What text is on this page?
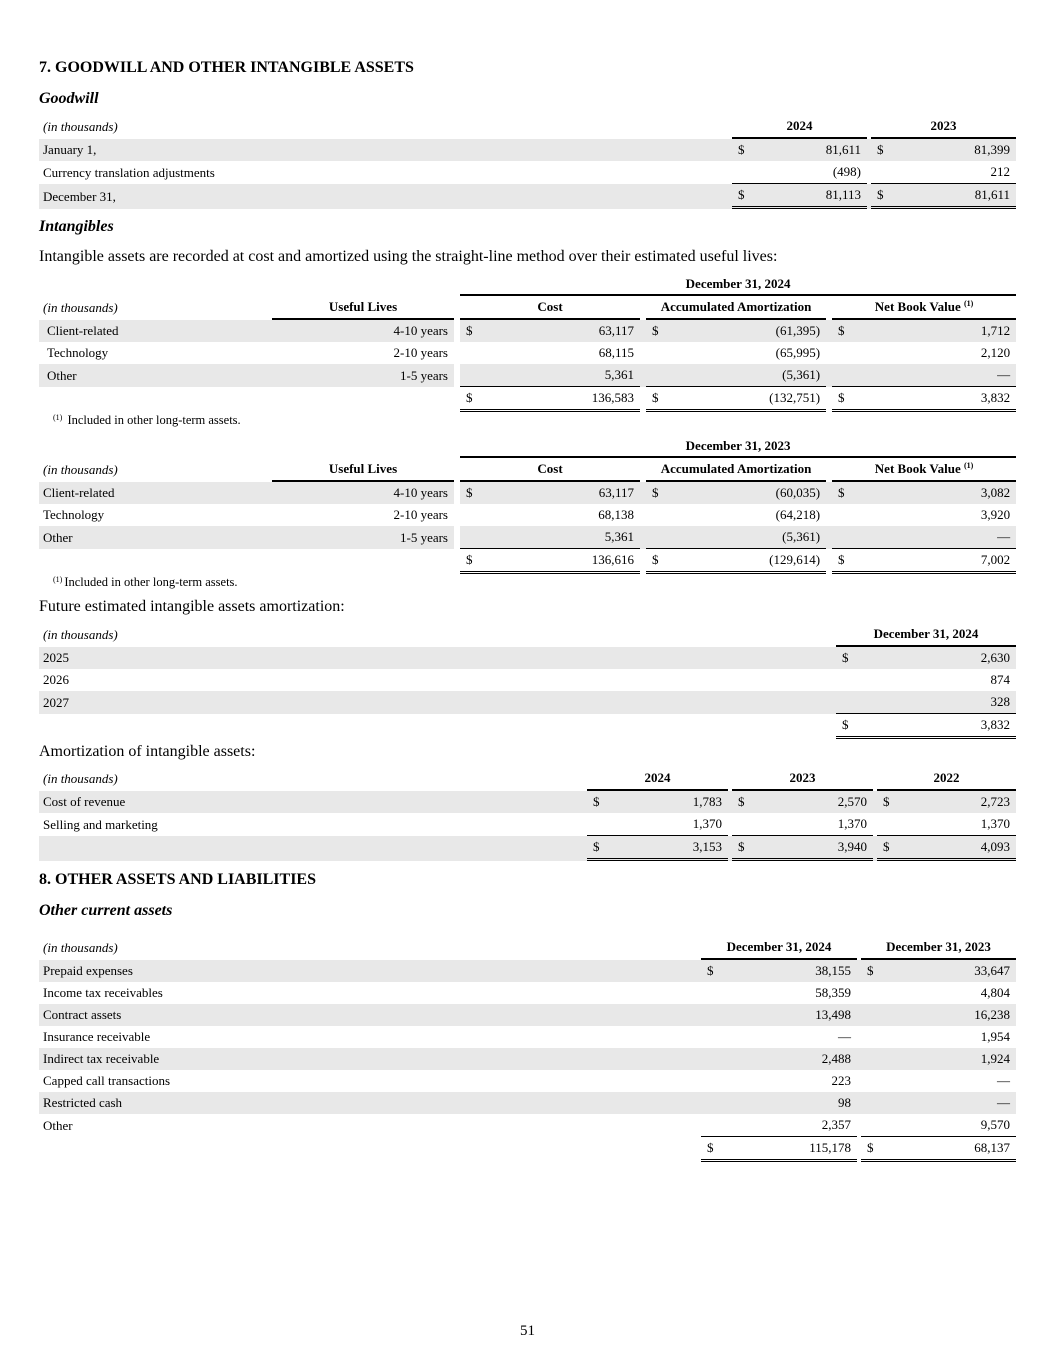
7. GOODWILL AND OTHER INTANGIBLE ASSETS
Goodwill
(in thousands)	2024			2023	
January 1,	$	81,611		$	81,399
Currency translation adjustments		(498)			212
December 31,	$	81,113		$	81,611
Intangibles
Intangible assets are recorded at cost and amortized using the straight-line method over their estimated useful lives:
			December 31, 2024							
(in thousands)	Useful Lives		Cost			Accumulated Amortization			Net Book Value $^{(1)}$
Client-related	4-10 years		$	63,117		$	(61,395)		$	1,712
Technology	2-10 years			68,115			(65,995)			2,120
Other	1-5 years			5,361			(5,361)			—
			$	136,583		$	(132,751)		$	3,832
$^{(1)}$ Included in other long-term assets.
			December 31, 2023							
(in thousands)	Useful Lives		Cost			Accumulated Amortization			Net Book Value $^{(1)}$
Client-related	4-10 years		$	63,117		$	(60,035)		$	3,082
Technology	2-10 years			68,138			(64,218)			3,920
Other	1-5 years			5,361			(5,361)			—
			$	136,616		$	(129,614)		$	7,002
$^{(1)}$ Included in other long-term assets.
Future estimated intangible assets amortization:
(in thousands)	December 31, 2024	
2025	$	2,630
2026		874
2027		328
	$	3,832
Amortization of intangible assets:
(in thousands)	2024			2023			2022	
Cost of revenue	$	1,783		$	2,570		$	2,723
Selling and marketing		1,370			1,370			1,370
	$	3,153		$	3,940		$	4,093
8. OTHER ASSETS AND LIABILITIES
Other current assets
(in thousands)	December 31, 2024			December 31, 2023	
Prepaid expenses	$	38,155		$	33,647
Income tax receivables		58,359			4,804
Contract assets		13,498			16,238
Insurance receivable		—			1,954
Indirect tax receivable		2,488			1,924
Capped call transactions		223			—
Restricted cash		98			—
Other		2,357			9,570
	$	115,178		$	68,137
51
